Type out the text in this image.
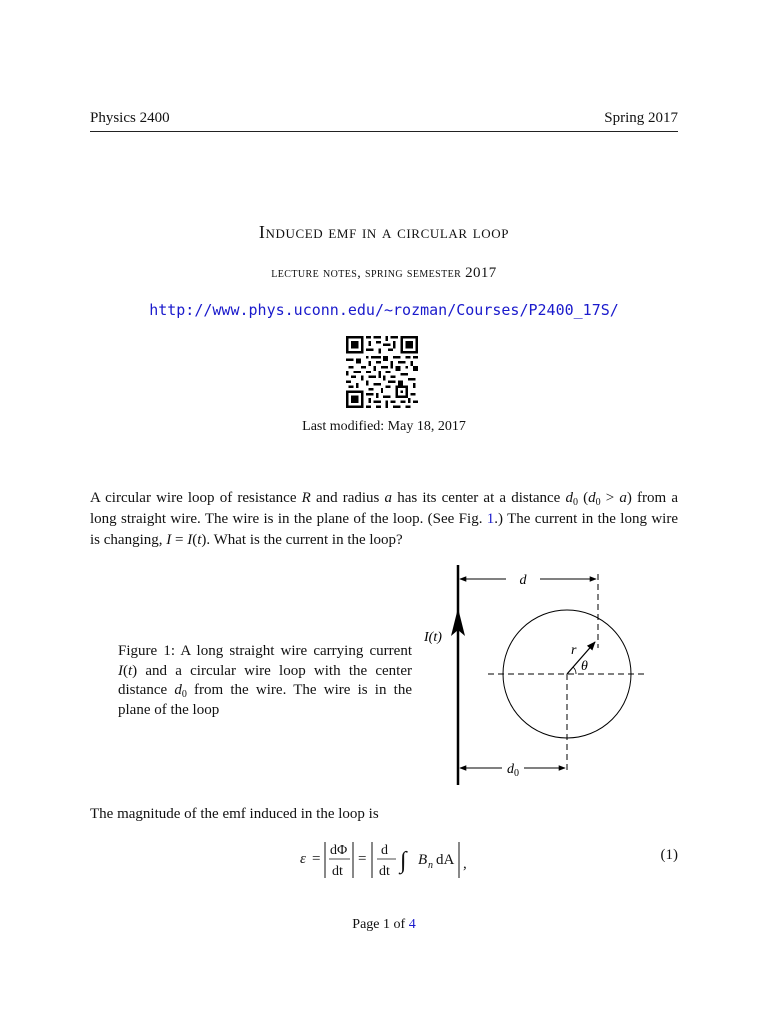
Physics 2400	Spring 2017
Induced emf in a circular loop
lecture notes, spring semester 2017
http://www.phys.uconn.edu/~rozman/Courses/P2400_17S/
Last modified: May 18, 2017
A circular wire loop of resistance R and radius a has its center at a distance $d_0$ $(d_0 > a)$ from a long straight wire. The wire is in the plane of the loop. (See Fig. 1.) The current in the long wire is changing, I = I(t). What is the current in the loop?
Figure 1: A long straight wire carrying current I(t) and a circular wire loop with the center distance $d_0$ from the wire. The wire is in the plane of the loop
I(t)
d
$d_0$
r
θ
The magnitude of the emf induced in the loop is
ε =
dΦ
dt
=
d
dt ∫ B n dA ,
(1)
Page 1 of 4
